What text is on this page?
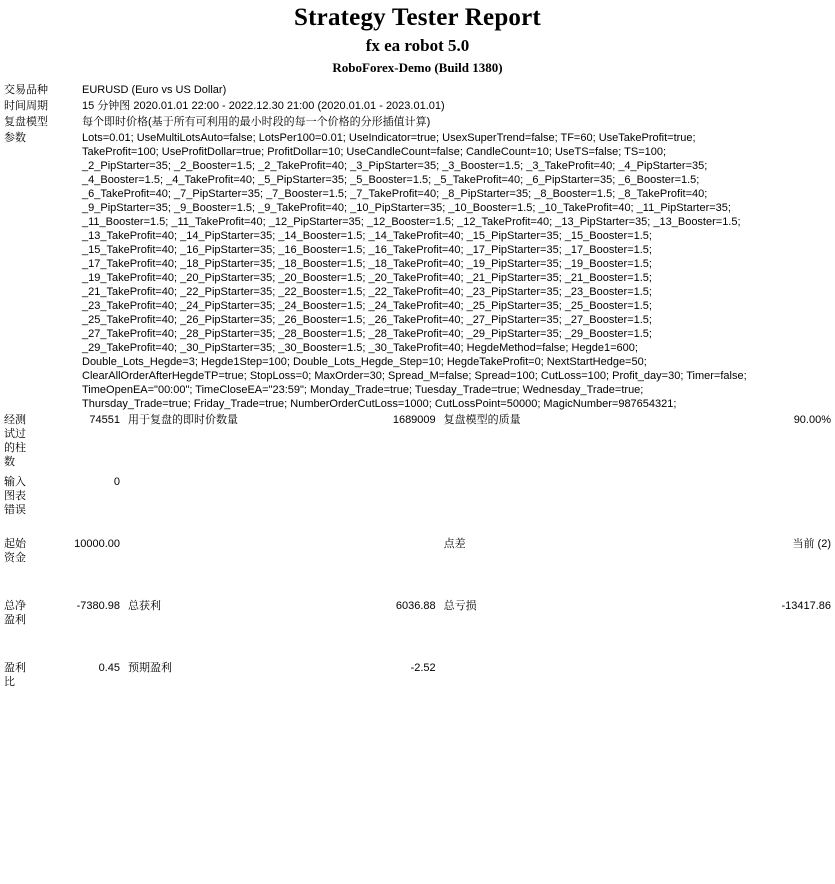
Strategy Tester Report
fx ea robot 5.0
RoboForex-Demo (Build 1380)
交易品种	EURUSD (Euro vs US Dollar)
时间周期	15 分钟图 2020.01.01 22:00 - 2022.12.30 21:00 (2020.01.01 - 2023.01.01)
复盘模型	每个即时价格(基于所有可利用的最小时段的每一个价格的分形插值计算)
参数	Lots=0.01; UseMultiLotsAuto=false; LotsPer100=0.01; UseIndicator=true; UsexSuperTrend=false; TF=60; UseTakeProfit=true;
TakeProfit=100; UseProfitDollar=true; ProfitDollar=10; UseCandleCount=false; CandleCount=10; UseTS=false; TS=100;
_2_PipStarter=35; _2_Booster=1.5; _2_TakeProfit=40; _3_PipStarter=35; _3_Booster=1.5; _3_TakeProfit=40; _4_PipStarter=35;
_4_Booster=1.5; _4_TakeProfit=40; _5_PipStarter=35; _5_Booster=1.5; _5_TakeProfit=40; _6_PipStarter=35; _6_Booster=1.5;
_6_TakeProfit=40; _7_PipStarter=35; _7_Booster=1.5; _7_TakeProfit=40; _8_PipStarter=35; _8_Booster=1.5; _8_TakeProfit=40;
_9_PipStarter=35; _9_Booster=1.5; _9_TakeProfit=40; _10_PipStarter=35; _10_Booster=1.5; _10_TakeProfit=40; _11_PipStarter=35;
_11_Booster=1.5; _11_TakeProfit=40; _12_PipStarter=35; _12_Booster=1.5; _12_TakeProfit=40; _13_PipStarter=35; _13_Booster=1.5;
_13_TakeProfit=40; _14_PipStarter=35; _14_Booster=1.5; _14_TakeProfit=40; _15_PipStarter=35; _15_Booster=1.5;
_15_TakeProfit=40; _16_PipStarter=35; _16_Booster=1.5; _16_TakeProfit=40; _17_PipStarter=35; _17_Booster=1.5;
_17_TakeProfit=40; _18_PipStarter=35; _18_Booster=1.5; _18_TakeProfit=40; _19_PipStarter=35; _19_Booster=1.5;
_19_TakeProfit=40; _20_PipStarter=35; _20_Booster=1.5; _20_TakeProfit=40; _21_PipStarter=35; _21_Booster=1.5;
_21_TakeProfit=40; _22_PipStarter=35; _22_Booster=1.5; _22_TakeProfit=40; _23_PipStarter=35; _23_Booster=1.5;
_23_TakeProfit=40; _24_PipStarter=35; _24_Booster=1.5; _24_TakeProfit=40; _25_PipStarter=35; _25_Booster=1.5;
_25_TakeProfit=40; _26_PipStarter=35; _26_Booster=1.5; _26_TakeProfit=40; _27_PipStarter=35; _27_Booster=1.5;
_27_TakeProfit=40; _28_PipStarter=35; _28_Booster=1.5; _28_TakeProfit=40; _29_PipStarter=35; _29_Booster=1.5;
_29_TakeProfit=40; _30_PipStarter=35; _30_Booster=1.5; _30_TakeProfit=40; HegdeMethod=false; Hegde1=600;
Double_Lots_Hegde=3; Hegde1Step=100; Double_Lots_Hegde_Step=10; HegdeTakeProfit=0; NextStartHedge=50;
ClearAllOrderAfterHegdeTP=true; StopLoss=0; MaxOrder=30; Spread_M=false; Spread=100; CutLoss=100; Profit_day=30; Timer=false;
TimeOpenEA="00:00"; TimeCloseEA="23:59"; Monday_Trade=true; Tuesday_Trade=true; Wednesday_Trade=true;
Thursday_Trade=true; Friday_Trade=true; NumberOrderCutLoss=1000; CutLossPoint=50000; MagicNumber=987654321;
经测试过的柱数	74551	用于复盘的即时价数量	1689009	复盘模型的质量	90.00%
输入图表错误	0				
起始资金	10000.00			点差	当前 (2)
总净盈利	-7380.98	总获利	6036.88	总亏损	-13417.86
盈利比	0.45	预期盈利	-2.52		
